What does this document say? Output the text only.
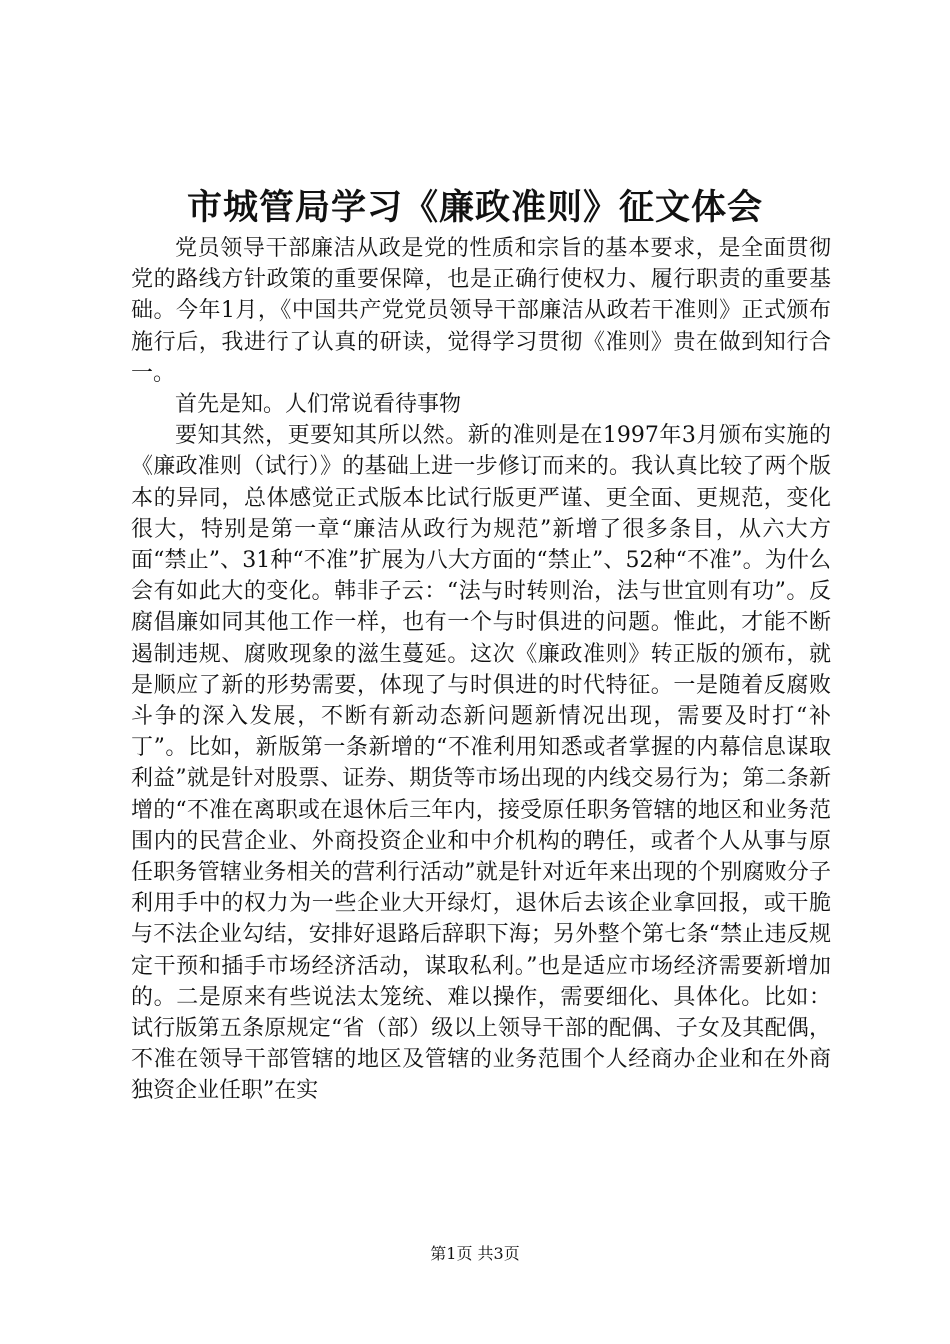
市城管局学习《廉政准则》征文体会

党员领导干部廉洁从政是党的性质和宗旨的基本要求，是全面贯彻党的路线方针政策的重要保障，也是正确行使权力、履行职责的重要基础。今年1月，《中国共产党党员领导干部廉洁从政若干准则》正式颁布施行后，我进行了认真的研读，觉得学习贯彻《准则》贵在做到知行合一。

首先是知。人们常说看待事物

要知其然，更要知其所以然。新的准则是在1997年3月颁布实施的《廉政准则（试行）》的基础上进一步修订而来的。我认真比较了两个版本的异同，总体感觉正式版本比试行版更严谨、更全面、更规范，变化很大，特别是第一章“廉洁从政行为规范”新增了很多条目，从六大方面“禁止”、31种“不准”扩展为八大方面的“禁止”、52种“不准”。为什么会有如此大的变化。韩非子云：“法与时转则治，法与世宜则有功”。反腐倡廉如同其他工作一样，也有一个与时俱进的问题。惟此，才能不断遏制违规、腐败现象的滋生蔓延。这次《廉政准则》转正版的颁布，就是顺应了新的形势需要，体现了与时俱进的时代特征。一是随着反腐败斗争的深入发展，不断有新动态新问题新情况出现，需要及时打“补丁”。比如，新版第一条新增的“不准利用知悉或者掌握的内幕信息谋取利益”就是针对股票、证券、期货等市场出现的内线交易行为；第二条新增的“不准在离职或在退休后三年内，接受原任职务管辖的地区和业务范围内的民营企业、外商投资企业和中介机构的聘任，或者个人从事与原任职务管辖业务相关的营利行活动”就是针对近年来出现的个别腐败分子利用手中的权力为一些企业大开绿灯，退休后去该企业拿回报，或干脆与不法企业勾结，安排好退路后辞职下海；另外整个第七条“禁止违反规定干预和插手市场经济活动，谋取私利。”也是适应市场经济需要新增加的。二是原来有些说法太笼统、难以操作，需要细化、具体化。比如：试行版第五条原规定“省（部）级以上领导干部的配偶、子女及其配偶，不准在领导干部管辖的地区及管辖的业务范围个人经商办企业和在外商独资企业任职”在实

第1页 共3页
